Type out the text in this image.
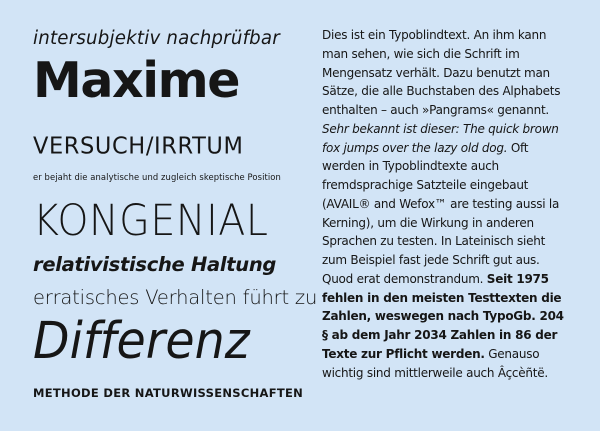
intersubjektiv nachprüfbar
Maxime
VERSUCH/IRRTUM
er bejaht die analytische und zugleich skeptische Position
KONGENIAL
relativistische Haltung
erratisches Verhalten führt zu
Differenz
METHODE DER NATURWISSENSCHAFTEN

Dies ist ein Typoblindtext. An ihm kann man sehen, wie sich die Schrift im Mengensatz verhält. Dazu benutzt man Sätze, die alle Buchstaben des Alphabets enthalten – auch »Pangrams« genannt. Sehr bekannt ist dieser: The quick brown fox jumps over the lazy old dog. Oft werden in Typoblindtexte auch fremdsprachige Satzteile eingebaut (AVAIL® and Wefox™ are testing aussi la Kerning), um die Wirkung in anderen Sprachen zu testen. In Lateinisch sieht zum Beispiel fast jede Schrift gut aus. Quod erat demonstrandum. Seit 1975 fehlen in den meisten Testtexten die Zahlen, weswegen nach TypoGb. 204 § ab dem Jahr 2034 Zahlen in 86 der Texte zur Pflicht werden. Genauso wichtig sind mittlerweile auch Âçcèñtë.
